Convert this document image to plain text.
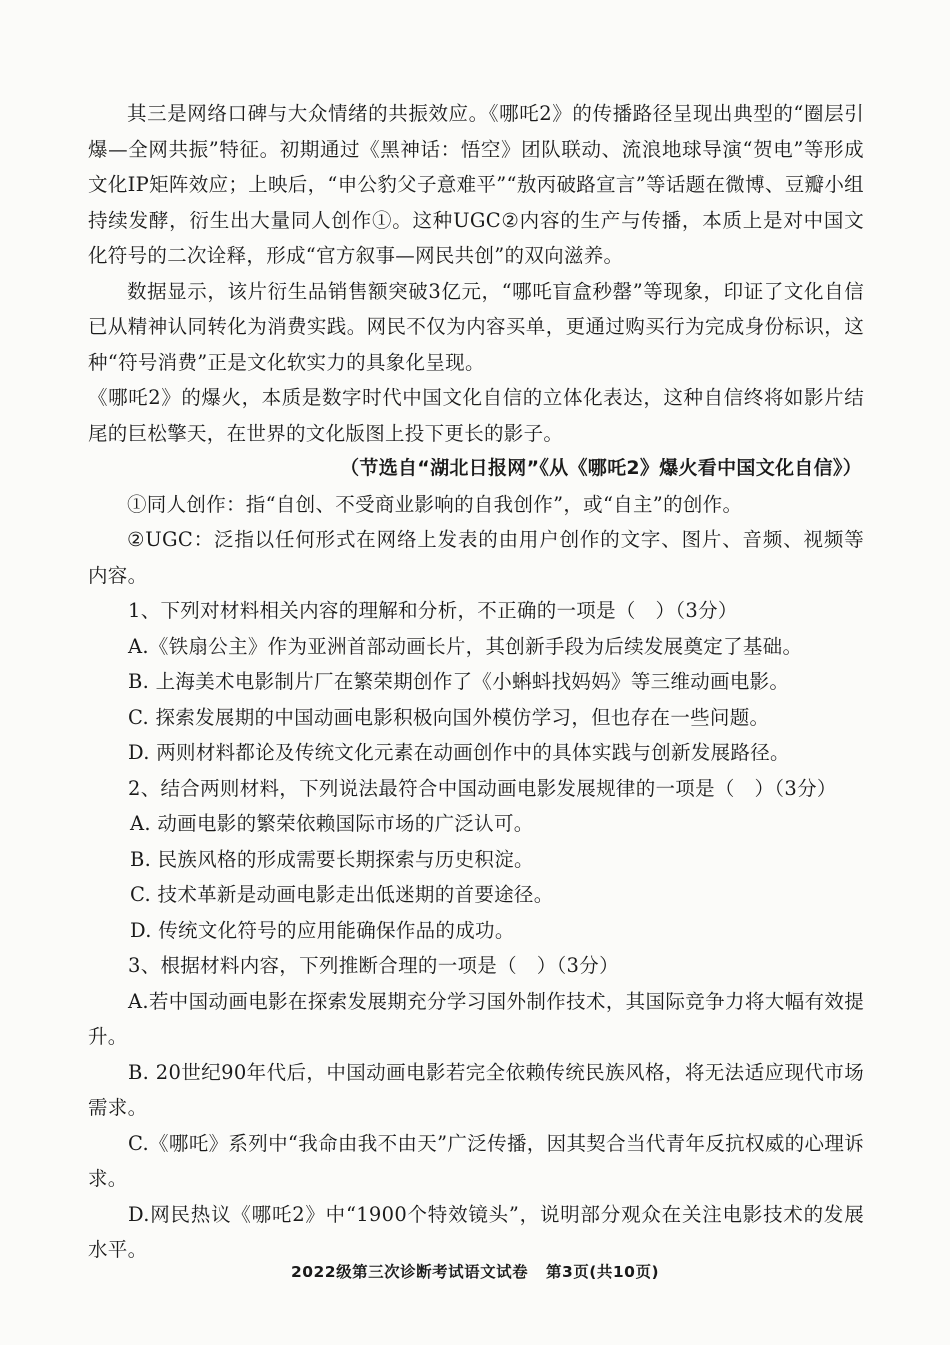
其三是网络口碑与大众情绪的共振效应。《哪吒2》的传播路径呈现出典型的“圈层引爆—全网共振”特征。初期通过《黑神话：悟空》团队联动、流浪地球导演“贺电”等形成文化IP矩阵效应；上映后，“申公豹父子意难平”“敖丙破路宣言”等话题在微博、豆瓣小组持续发酵，衍生出大量同人创作①。这种UGC②内容的生产与传播，本质上是对中国文化符号的二次诠释，形成“官方叙事—网民共创”的双向滋养。

数据显示，该片衍生品销售额突破3亿元，“哪吒盲盒秒罄”等现象，印证了文化自信已从精神认同转化为消费实践。网民不仅为内容买单，更通过购买行为完成身份标识，这种“符号消费”正是文化软实力的具象化呈现。

《哪吒2》的爆火，本质是数字时代中国文化自信的立体化表达，这种自信终将如影片结尾的巨松擎天，在世界的文化版图上投下更长的影子。

（节选自“湖北日报网”《从《哪吒2》爆火看中国文化自信》）

①同人创作：指“自创、不受商业影响的自我创作”，或“自主”的创作。

②UGC：泛指以任何形式在网络上发表的由用户创作的文字、图片、音频、视频等内容。

1、下列对材料相关内容的理解和分析，不正确的一项是（　）（3分）

A.《铁扇公主》作为亚洲首部动画长片，其创新手段为后续发展奠定了基础。

B. 上海美术电影制片厂在繁荣期创作了《小蝌蚪找妈妈》等三维动画电影。

C. 探索发展期的中国动画电影积极向国外模仿学习，但也存在一些问题。

D. 两则材料都论及传统文化元素在动画创作中的具体实践与创新发展路径。

2、结合两则材料，下列说法最符合中国动画电影发展规律的一项是（　）（3分）

A. 动画电影的繁荣依赖国际市场的广泛认可。

B. 民族风格的形成需要长期探索与历史积淀。

C. 技术革新是动画电影走出低迷期的首要途径。

D. 传统文化符号的应用能确保作品的成功。

3、根据材料内容，下列推断合理的一项是（　）（3分）

A.若中国动画电影在探索发展期充分学习国外制作技术，其国际竞争力将大幅有效提升。

B. 20世纪90年代后，中国动画电影若完全依赖传统民族风格，将无法适应现代市场需求。

C.《哪吒》系列中“我命由我不由天”广泛传播，因其契合当代青年反抗权威的心理诉求。

D.网民热议《哪吒2》中“1900个特效镜头”，说明部分观众在关注电影技术的发展水平。

2022级第三次诊断考试语文试卷 第3页(共10页)
